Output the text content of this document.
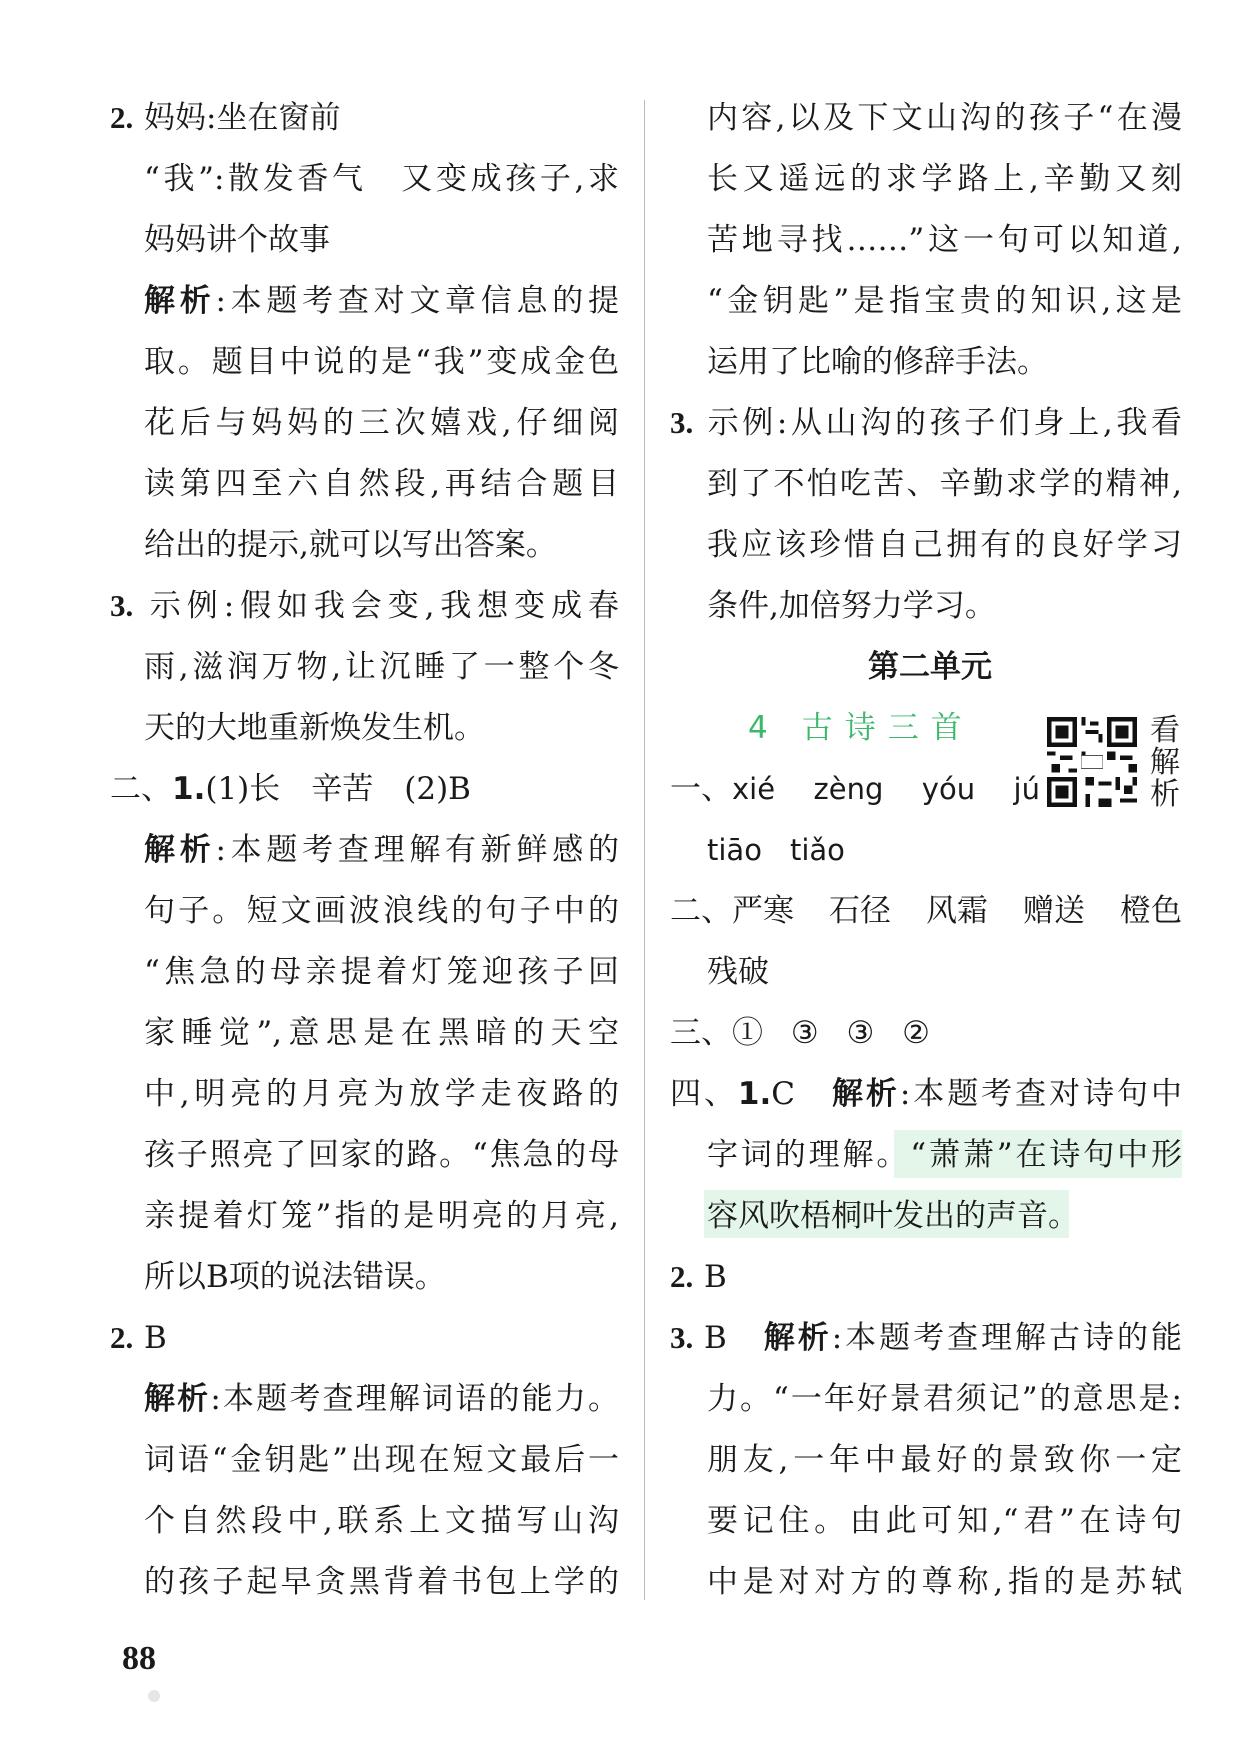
2. 妈妈:坐在窗前
“我”:散发香气　又变成孩子,求
妈妈讲个故事
解析:本题考查对文章信息的提
取。题目中说的是“我”变成金色
花后与妈妈的三次嬉戏,仔细阅
读第四至六自然段,再结合题目
给出的提示,就可以写出答案。
3. 示例:假如我会变,我想变成春
雨,滋润万物,让沉睡了一整个冬
天的大地重新焕发生机。
二、1.(1)长　辛苦　(2)B
解析:本题考查理解有新鲜感的
句子。短文画波浪线的句子中的
“焦急的母亲提着灯笼迎孩子回
家睡觉”,意思是在黑暗的天空
中,明亮的月亮为放学走夜路的
孩子照亮了回家的路。“焦急的母
亲提着灯笼”指的是明亮的月亮,
所以B项的说法错误。
2. B
解析:本题考查理解词语的能力。
词语“金钥匙”出现在短文最后一
个自然段中,联系上文描写山沟
的孩子起早贪黑背着书包上学的
内容,以及下文山沟的孩子“在漫
长又遥远的求学路上,辛勤又刻
苦地寻找……”这一句可以知道,
“金钥匙”是指宝贵的知识,这是
运用了比喻的修辞手法。
3. 示例:从山沟的孩子们身上,我看
到了不怕吃苦、辛勤求学的精神,
我应该珍惜自己拥有的良好学习
条件,加倍努力学习。
第二单元
4 古诗三首	看解析
一、xié zèng yóu jú
tiāo tiǎo
二、严寒 石径 风霜 赠送 橙色
残破
三、① ③ ③ ②
四、1.C　 解析:本题考查对诗句中
字词的理解。“萧萧”在诗句中形
容风吹梧桐叶发出的声音。
2. B
3. B　 解析:本题考查理解古诗的能
力。“一年好景君须记”的意思是:
朋友,一年中最好的景致你一定
要记住。由此可知,“君”在诗句
中是对对方的尊称,指的是苏轼
88
